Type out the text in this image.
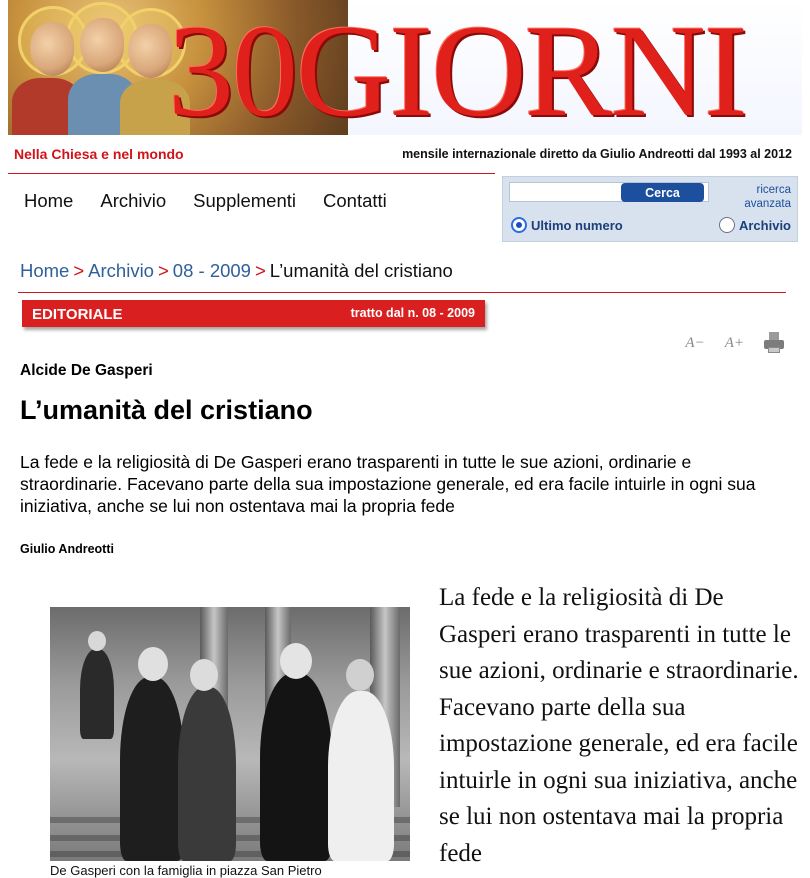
30GIORNI
Nella Chiesa e nel mondo	mensile internazionale diretto da Giulio Andreotti dal 1993 al 2012
Home Archivio Supplementi Contatti	Cerca	ricerca avanzata
Ultimo numero	Archivio
Home > Archivio > 08 - 2009 > L’umanità del cristiano
EDITORIALE	tratto dal n. 08 - 2009
A− A+
Alcide De Gasperi
L’umanità del cristiano

La fede e la religiosità di De Gasperi erano trasparenti in tutte le sue azioni, ordinarie e straordinarie. Facevano parte della sua impostazione generale, ed era facile intuirle in ogni sua iniziativa, anche se lui non ostentava mai la propria fede

Giulio Andreotti
De Gasperi con la famiglia in piazza San Pietro
La fede e la religiosità di De Gasperi erano trasparenti in tutte le sue azioni, ordinarie e straordinarie. Facevano parte della sua impostazione generale, ed era facile intuirle in ogni sua iniziativa, anche se lui non ostentava mai la propria fede
